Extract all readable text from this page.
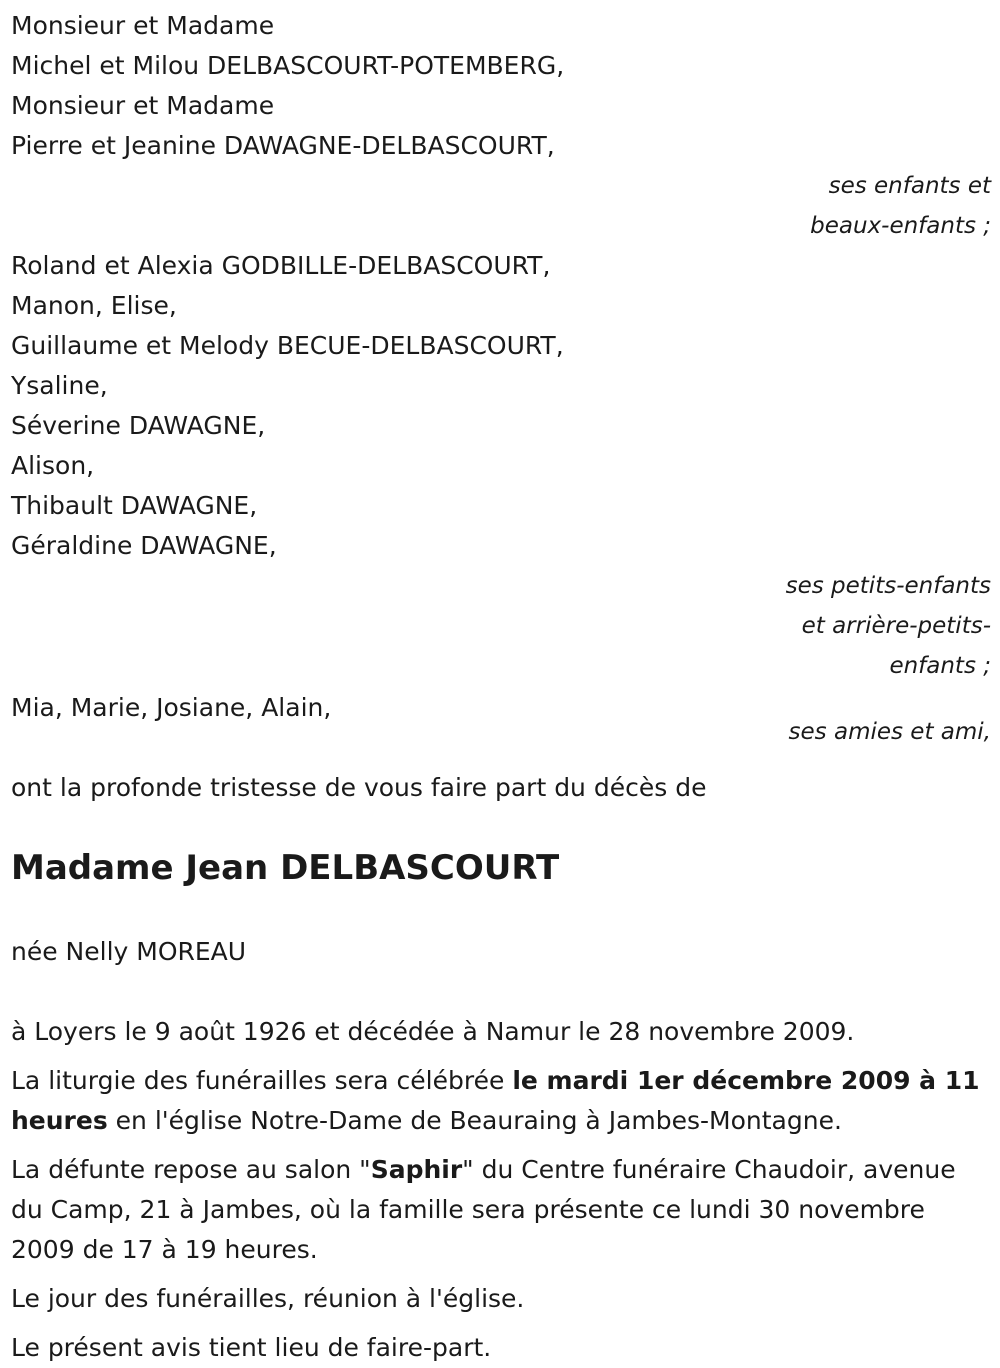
Monsieur et Madame
Michel et Milou DELBASCOURT-POTEMBERG,
Monsieur et Madame
Pierre et Jeanine DAWAGNE-DELBASCOURT,
ses enfants et
beaux-enfants ;
Roland et Alexia GODBILLE-DELBASCOURT,
Manon, Elise,
Guillaume et Melody BECUE-DELBASCOURT,
Ysaline,
Séverine DAWAGNE,
Alison,
Thibault DAWAGNE,
Géraldine DAWAGNE,
ses petits-enfants
et arrière-petits-
enfants ;
Mia, Marie, Josiane, Alain,
ses amies et ami,
ont la profonde tristesse de vous faire part du décès de
Madame Jean DELBASCOURT
née Nelly MOREAU

à Loyers le 9 août 1926 et décédée à Namur le 28 novembre 2009.

La liturgie des funérailles sera célébrée le mardi 1er décembre 2009 à 11 heures en l'église Notre-Dame de Beauraing à Jambes-Montagne.

La défunte repose au salon "Saphir" du Centre funéraire Chaudoir, avenue du Camp, 21 à Jambes, où la famille sera présente ce lundi 30 novembre 2009 de 17 à 19 heures.

Le jour des funérailles, réunion à l'église.

Le présent avis tient lieu de faire-part.
